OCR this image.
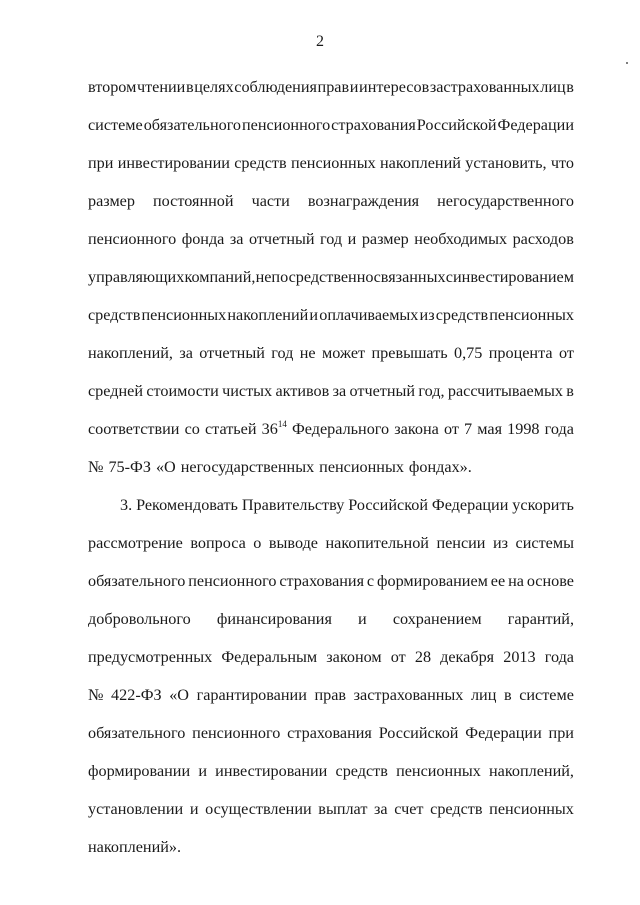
2
втором чтении в целях соблюдения прав и интересов застрахованных лиц в
системе обязательного пенсионного страхования Российской Федерации
при инвестировании средств пенсионных накоплений установить, что
размер постоянной части вознаграждения негосударственного
пенсионного фонда за отчетный год и размер необходимых расходов
управляющих компаний, непосредственно связанных с инвестированием
средств пенсионных накоплений и оплачиваемых из средств пенсионных
накоплений, за отчетный год не может превышать 0,75 процента от
средней стоимости чистых активов за отчетный год, рассчитываемых в
соответствии со статьей $36^{14}$ Федерального закона от 7 мая 1998 года
№ 75-ФЗ «О негосударственных пенсионных фондах».
3. Рекомендовать Правительству Российской Федерации ускорить
рассмотрение вопроса о выводе накопительной пенсии из системы
обязательного пенсионного страхования с формированием ее на основе
добровольного финансирования и сохранением гарантий,
предусмотренных Федеральным законом от 28 декабря 2013 года
№ 422-ФЗ «О гарантировании прав застрахованных лиц в системе
обязательного пенсионного страхования Российской Федерации при
формировании и инвестировании средств пенсионных накоплений,
установлении и осуществлении выплат за счет средств пенсионных
накоплений».
